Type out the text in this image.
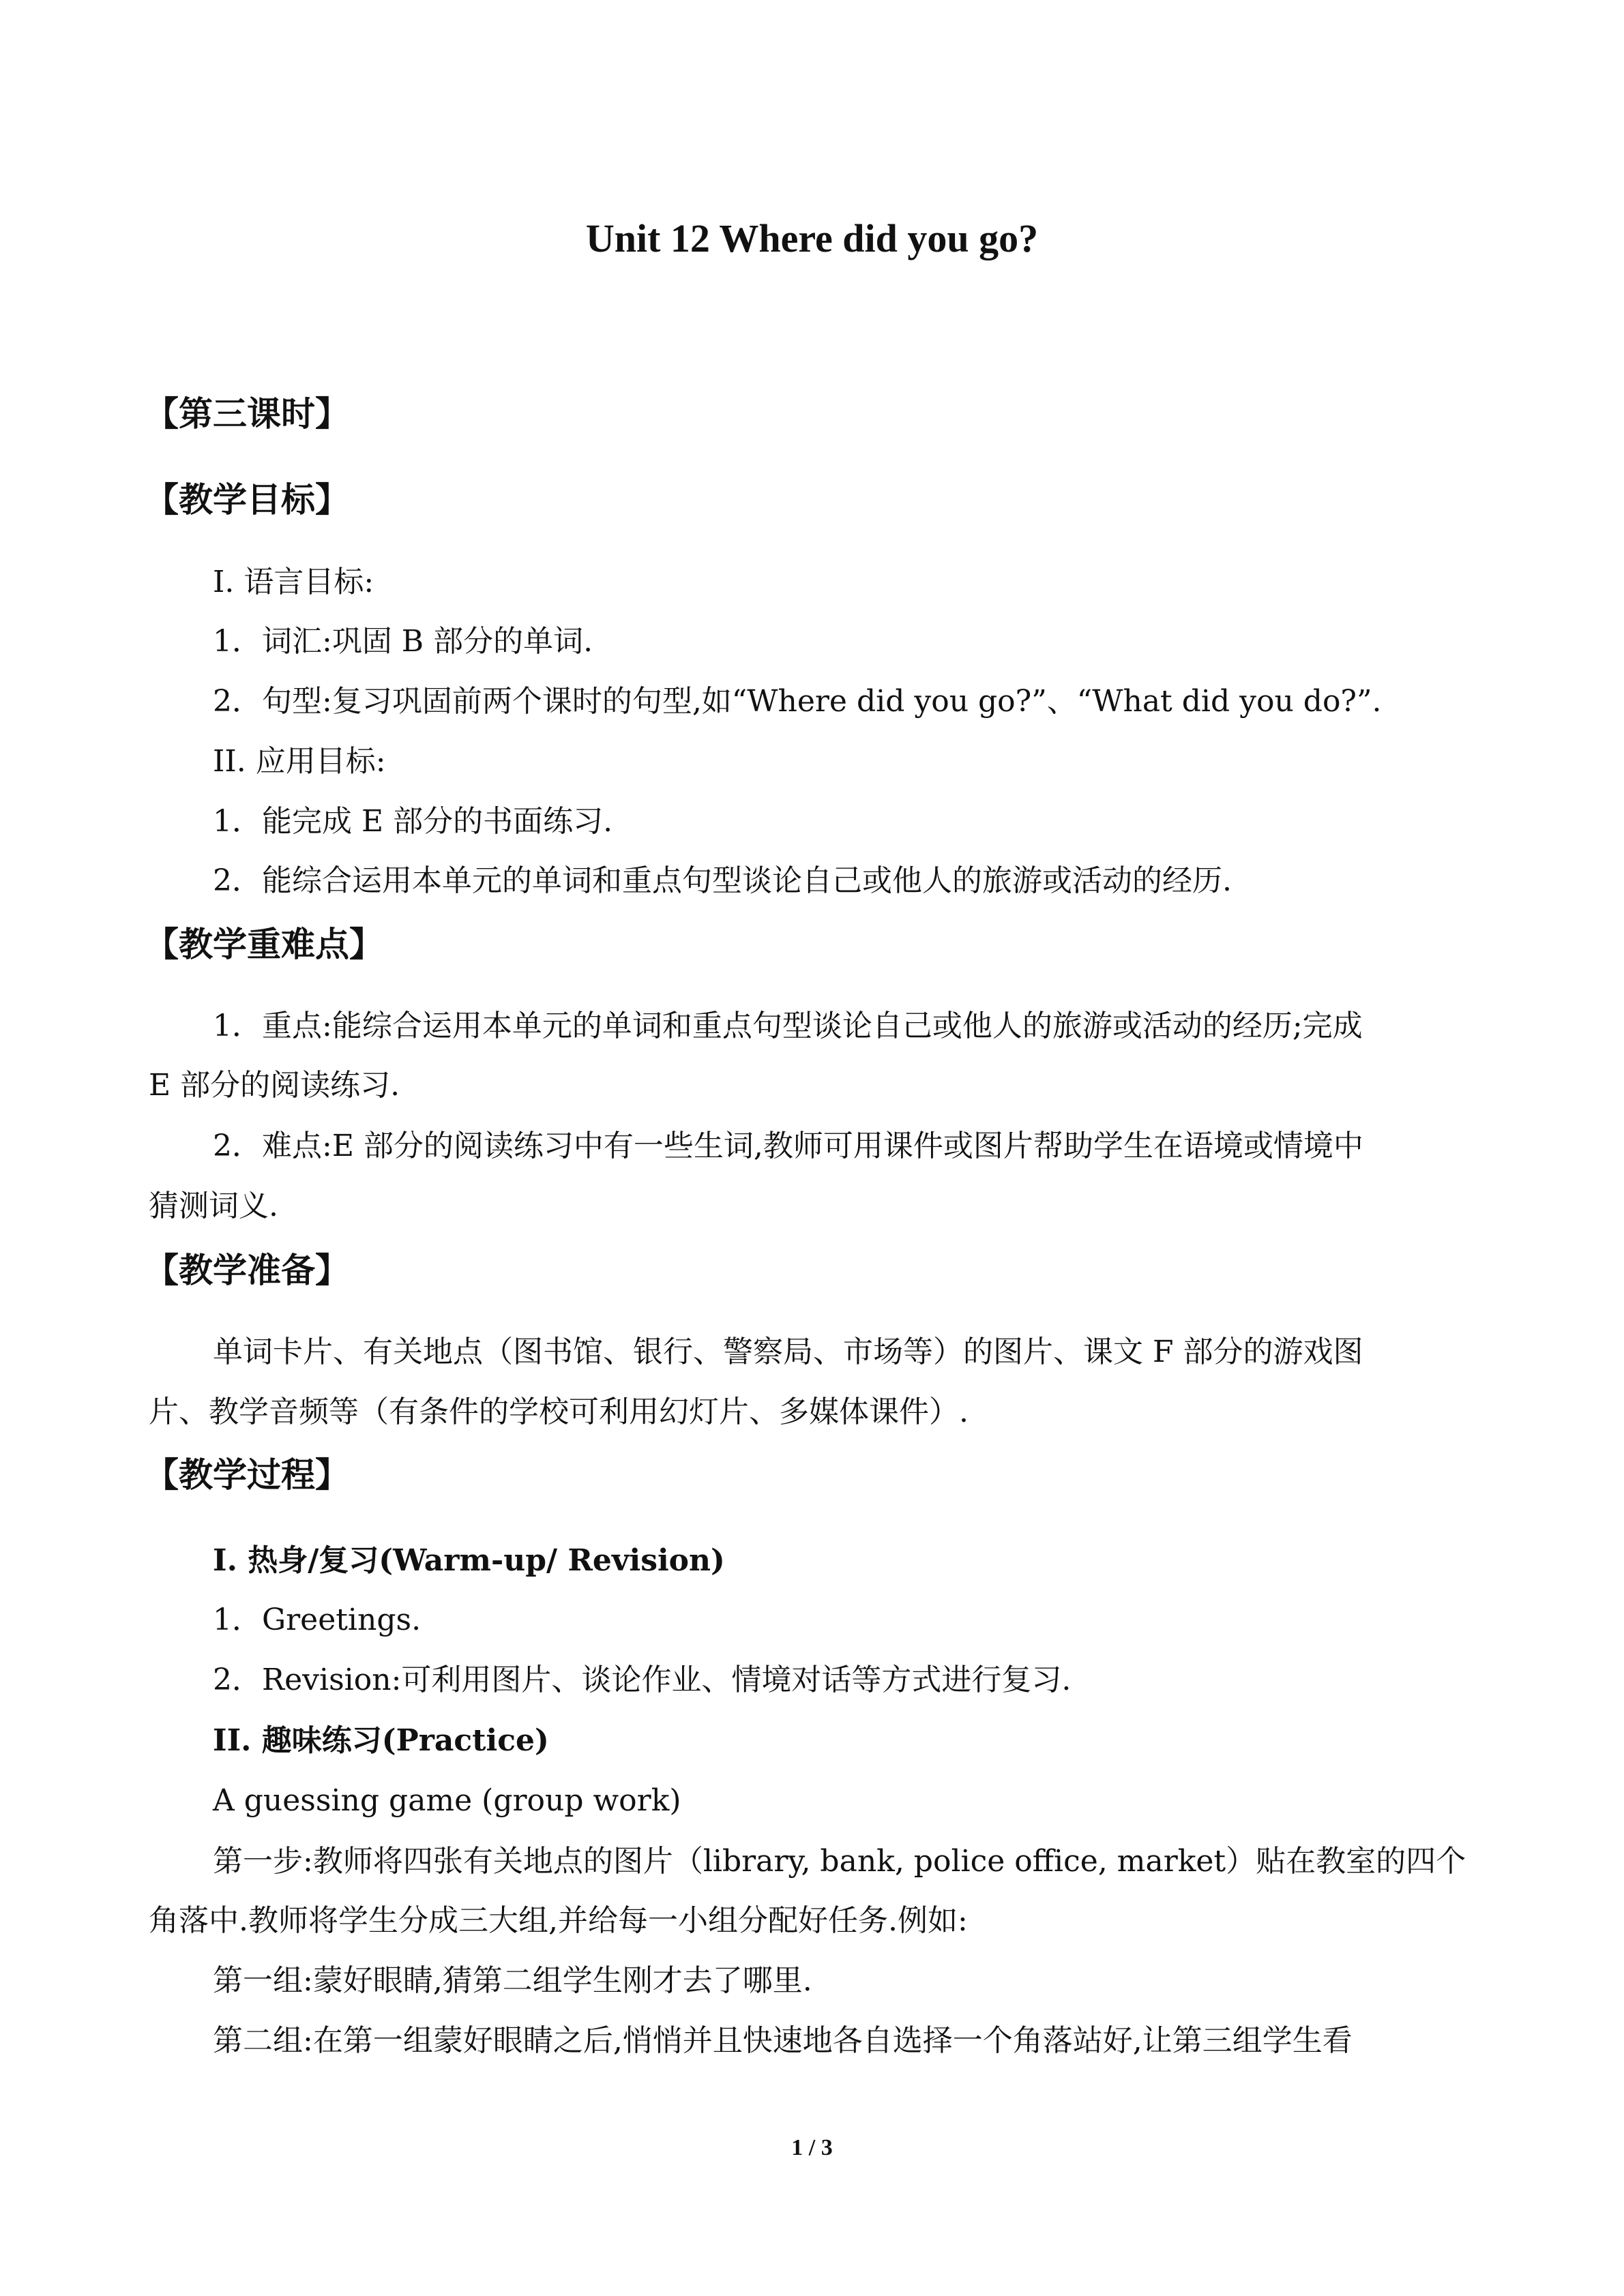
Unit 12 Where did you go?
【第三课时】
【教学目标】

I. 语言目标:

1．词汇:巩固 B 部分的单词.

2．句型:复习巩固前两个课时的句型,如“Where did you go?”、“What did you do?”.

II. 应用目标:

1．能完成 E 部分的书面练习.

2．能综合运用本单元的单词和重点句型谈论自己或他人的旅游或活动的经历.

【教学重难点】

1．重点:能综合运用本单元的单词和重点句型谈论自己或他人的旅游或活动的经历;完成

E 部分的阅读练习.

2．难点:E 部分的阅读练习中有一些生词,教师可用课件或图片帮助学生在语境或情境中

猜测词义.

【教学准备】

单词卡片、有关地点（图书馆、银行、警察局、市场等）的图片、课文 F 部分的游戏图

片、教学音频等（有条件的学校可利用幻灯片、多媒体课件）.

【教学过程】

I. 热身/复习(Warm-up/ Revision)

1．Greetings.

2．Revision:可利用图片、谈论作业、情境对话等方式进行复习.

II. 趣味练习(Practice)

A guessing game (group work)

第一步:教师将四张有关地点的图片（library, bank, police office, market）贴在教室的四个

角落中.教师将学生分成三大组,并给每一小组分配好任务.例如:

第一组:蒙好眼睛,猜第二组学生刚才去了哪里.

第二组:在第一组蒙好眼睛之后,悄悄并且快速地各自选择一个角落站好,让第三组学生看

1 / 3
